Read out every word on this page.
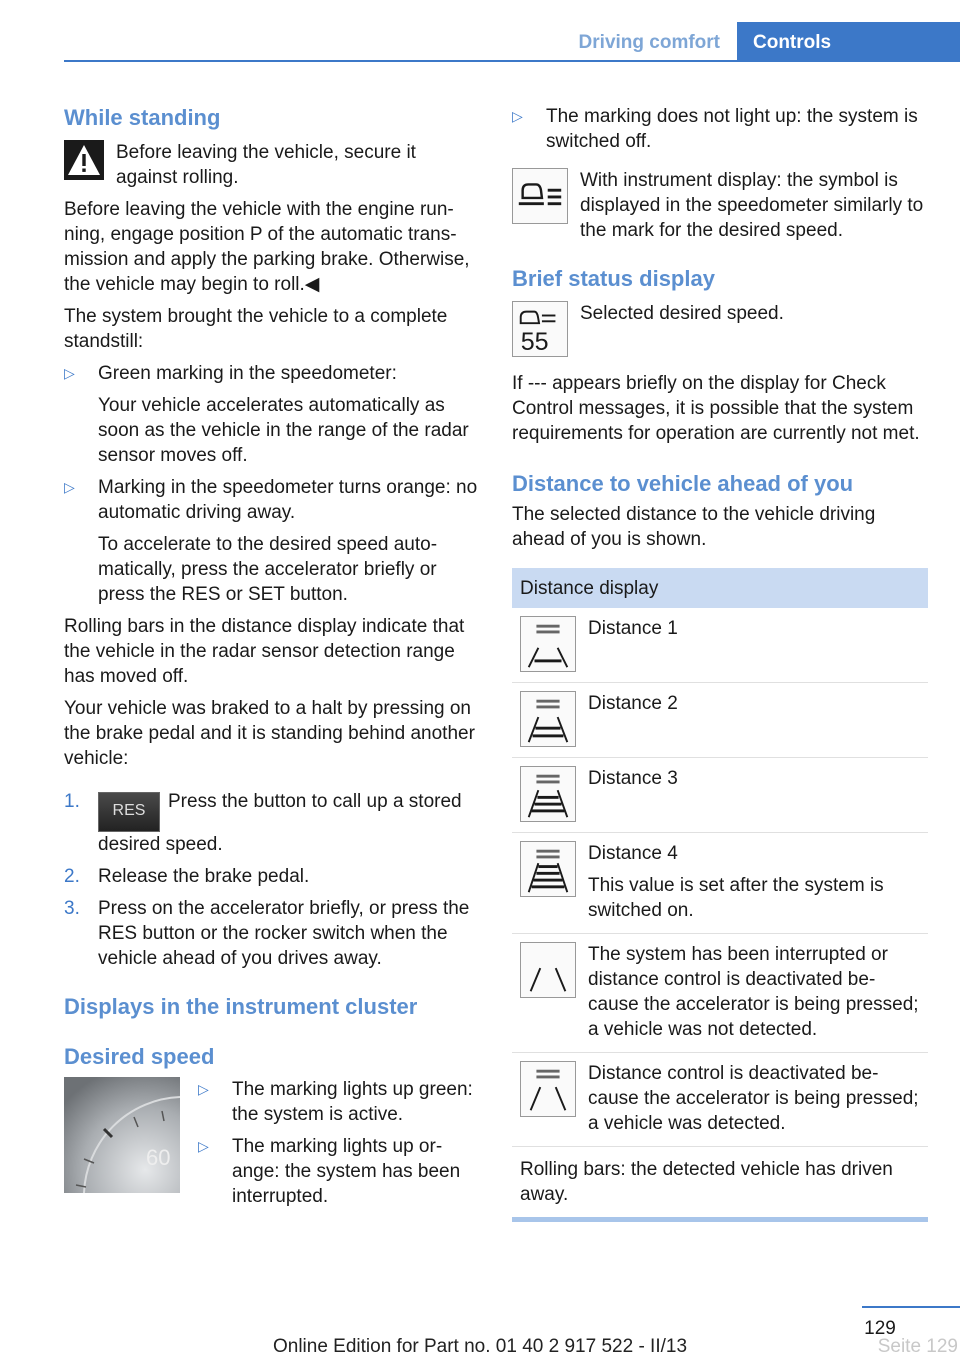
Driving comfort	Controls
While standing
Before leaving the vehicle, secure it against rolling.

Before leaving the vehicle with the engine run-ning, engage position P of the automatic trans-mission and apply the parking brake. Otherwise, the vehicle may begin to roll.◀

The system brought the vehicle to a complete standstill:

▷	Green marking in the speedometer:

Your vehicle accelerates automatically as soon as the vehicle in the range of the radar sensor moves off.

▷	Marking in the speedometer turns orange: no automatic driving away.

To accelerate to the desired speed auto-matically, press the accelerator briefly or press the RES or SET button.

Rolling bars in the distance display indicate that the vehicle in the radar sensor detection range has moved off.

Your vehicle was braked to a halt by pressing on the brake pedal and it is standing behind another vehicle:

1.	RES Press the button to call up a stored desired speed.
2. Release the brake pedal.
3. Press on the accelerator briefly, or press the RES button or the rocker switch when the vehicle ahead of you drives away.
Displays in the instrument cluster
Desired speed
60
▷	The marking lights up green: the system is active.
▷	The marking lights up or-ange: the system has been interrupted.
▷	The marking does not light up: the system is switched off.
With instrument display: the symbol is displayed in the speedometer similarly to the mark for the desired speed.
Brief status display
55
Selected desired speed.

If --- appears briefly on the display for Check Control messages, it is possible that the system requirements for operation are currently not met.

Distance to vehicle ahead of you

The selected distance to the vehicle driving ahead of you is shown.

Distance display

Distance 1

Distance 2

Distance 3

Distance 4

This value is set after the system is switched on.

The system has been interrupted or distance control is deactivated be-cause the accelerator is being pressed; a vehicle was not detected.

Distance control is deactivated be-cause the accelerator is being pressed; a vehicle was detected.

Rolling bars: the detected vehicle has driven away.
129
Seite 129
Online Edition for Part no. 01 40 2 917 522 - II/13
